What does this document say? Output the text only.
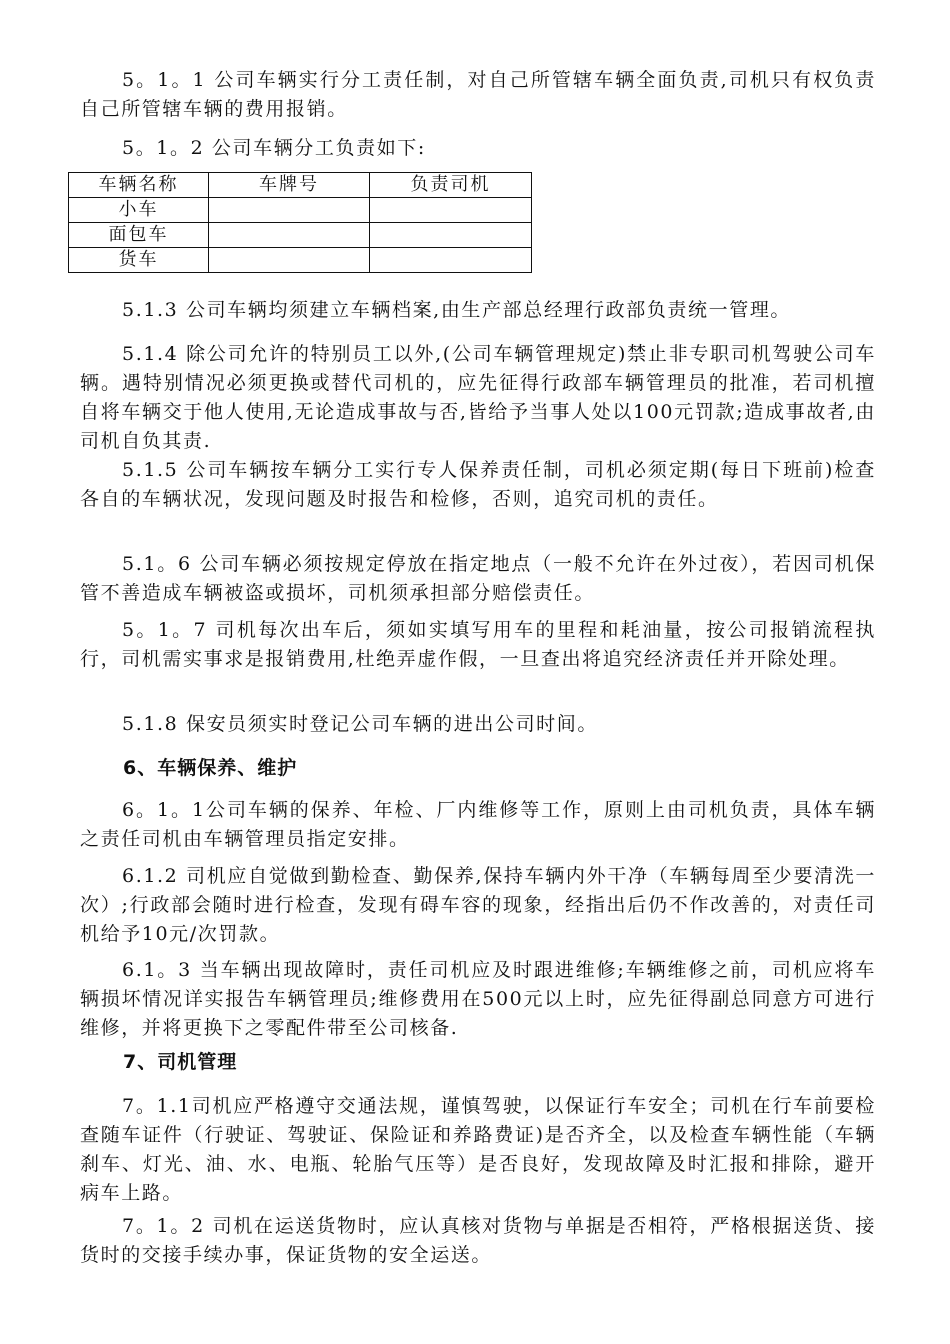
5。1。1 公司车辆实行分工责任制，对自己所管辖车辆全面负责,司机只有权负责自己所管辖车辆的费用报销。

5。1。2 公司车辆分工负责如下:

车辆名称	车牌号	负责司机
小车		
面包车		
货车		

5.1.3 公司车辆均须建立车辆档案,由生产部总经理行政部负责统一管理。

5.1.4 除公司允许的特别员工以外,(公司车辆管理规定)禁止非专职司机驾驶公司车辆。遇特别情况必须更换或替代司机的，应先征得行政部车辆管理员的批准，若司机擅自将车辆交于他人使用,无论造成事故与否,皆给予当事人处以100元罚款;造成事故者,由司机自负其责.

5.1.5 公司车辆按车辆分工实行专人保养责任制，司机必须定期(每日下班前)检查各自的车辆状况，发现问题及时报告和检修，否则，追究司机的责任。

5.1。6 公司车辆必须按规定停放在指定地点（一般不允许在外过夜），若因司机保管不善造成车辆被盗或损坏，司机须承担部分赔偿责任。

5。1。7 司机每次出车后，须如实填写用车的里程和耗油量，按公司报销流程执行，司机需实事求是报销费用,杜绝弄虚作假，一旦查出将追究经济责任并开除处理。

5.1.8 保安员须实时登记公司车辆的进出公司时间。

6、车辆保养、维护

6。1。1公司车辆的保养、年检、厂内维修等工作，原则上由司机负责，具体车辆之责任司机由车辆管理员指定安排。

6.1.2 司机应自觉做到勤检查、勤保养,保持车辆内外干净（车辆每周至少要清洗一次）;行政部会随时进行检查，发现有碍车容的现象，经指出后仍不作改善的，对责任司机给予10元/次罚款。

6.1。3 当车辆出现故障时，责任司机应及时跟进维修;车辆维修之前，司机应将车辆损坏情况详实报告车辆管理员;维修费用在500元以上时，应先征得副总同意方可进行维修，并将更换下之零配件带至公司核备.

7、司机管理

7。1.1司机应严格遵守交通法规，谨慎驾驶，以保证行车安全；司机在行车前要检查随车证件（行驶证、驾驶证、保险证和养路费证)是否齐全，以及检查车辆性能（车辆刹车、灯光、油、水、电瓶、轮胎气压等）是否良好，发现故障及时汇报和排除，避开病车上路。

7。1。2 司机在运送货物时，应认真核对货物与单据是否相符，严格根据送货、接货时的交接手续办事，保证货物的安全运送。
